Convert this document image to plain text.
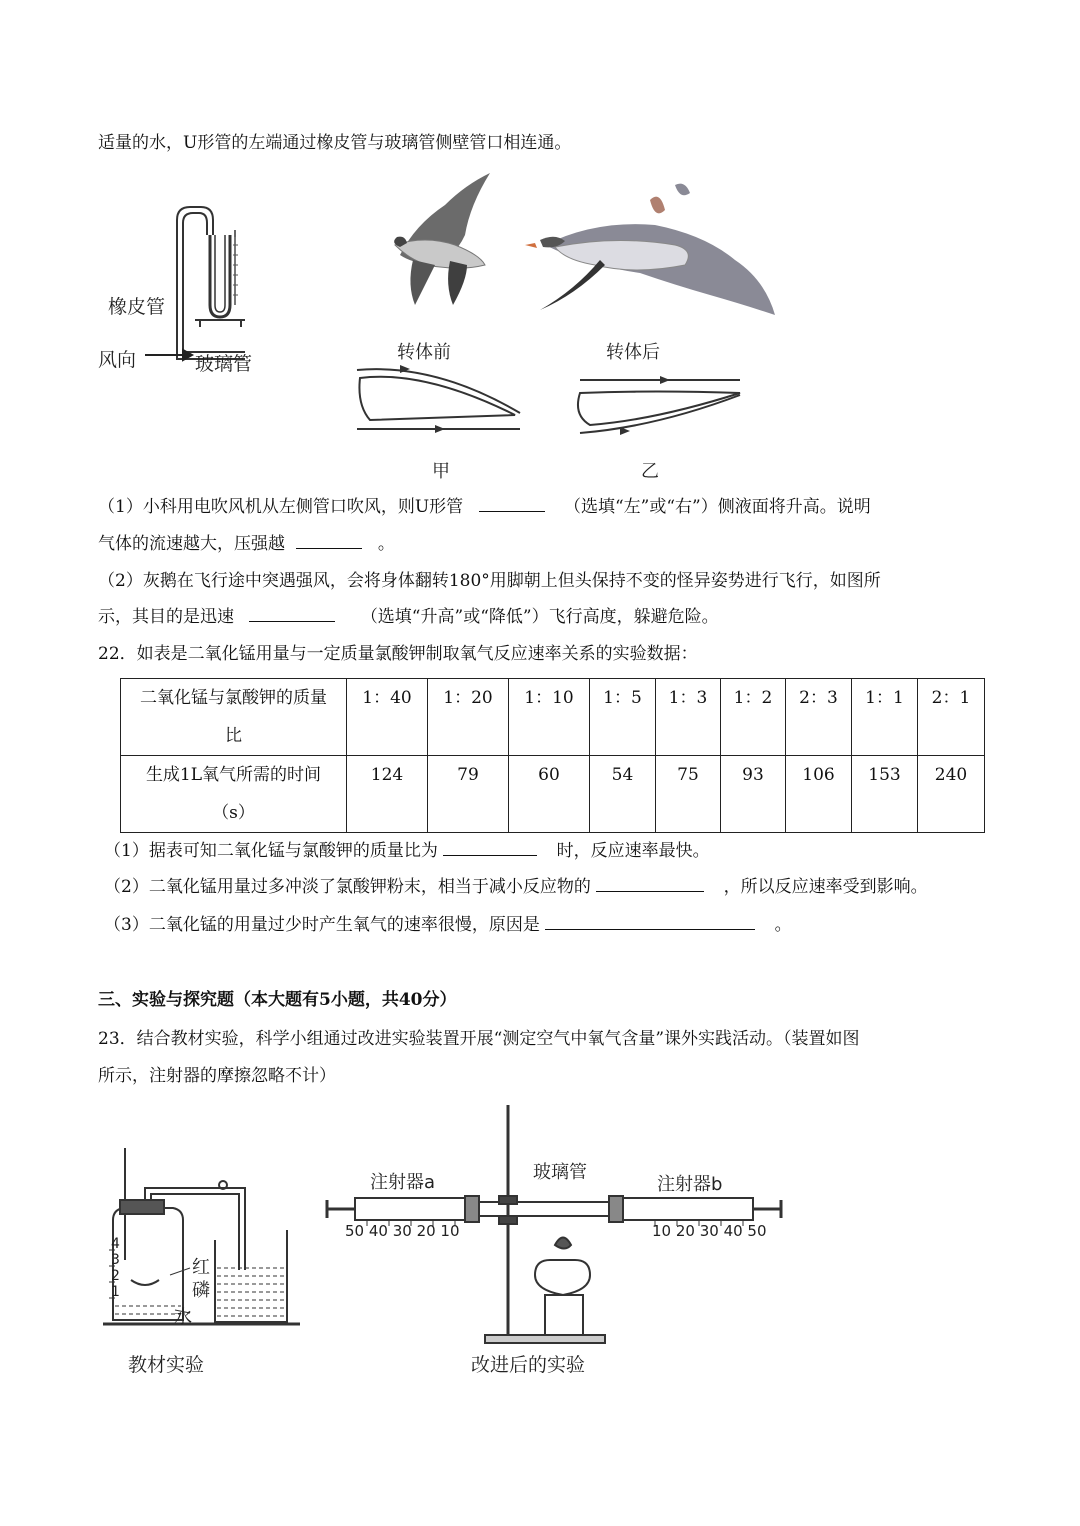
适量的水，U形管的左端通过橡皮管与玻璃管侧壁管口相连通。
橡皮管
风向	玻璃管
转体前	转体后
甲	乙
（1）小科用电吹风机从左侧管口吹风，则U形管	（选填“左”或“右”）侧液面将升高。说明
气体的流速越大，压强越	。
（2）灰鹅在飞行途中突遇强风，会将身体翻转180°用脚朝上但头保持不变的怪异姿势进行飞行，如图所
示，其目的是迅速	（选填“升高”或“降低”）飞行高度，躲避危险。
22．如表是二氧化锰用量与一定质量氯酸钾制取氧气反应速率关系的实验数据：
二氧化锰与氯酸钾的质量
比	1：40	1：20	1：10	1：5	1：3	1：2	2：3	1：1	2：1

生成1L氧气所需的时间
（s）	124	79	60	54	75	93	106	153	240
（1）据表可知二氧化锰与氯酸钾的质量比为	时，反应速率最快。
（2）二氧化锰用量过多冲淡了氯酸钾粉末，相当于减小反应物的	，所以反应速率受到影响。
（3）二氧化锰的用量过少时产生氧气的速率很慢，原因是	。
三、实验与探究题（本大题有5小题，共40分）
23．结合教材实验，科学小组通过改进实验装置开展“测定空气中氧气含量”课外实践活动。（装置如图
所示，注射器的摩擦忽略不计）
4
3
2
1
红
磷
水
教材实验
注射器a	玻璃管
注射器b
50 40 30 20 10	10 20 30 40 50
改进后的实验
